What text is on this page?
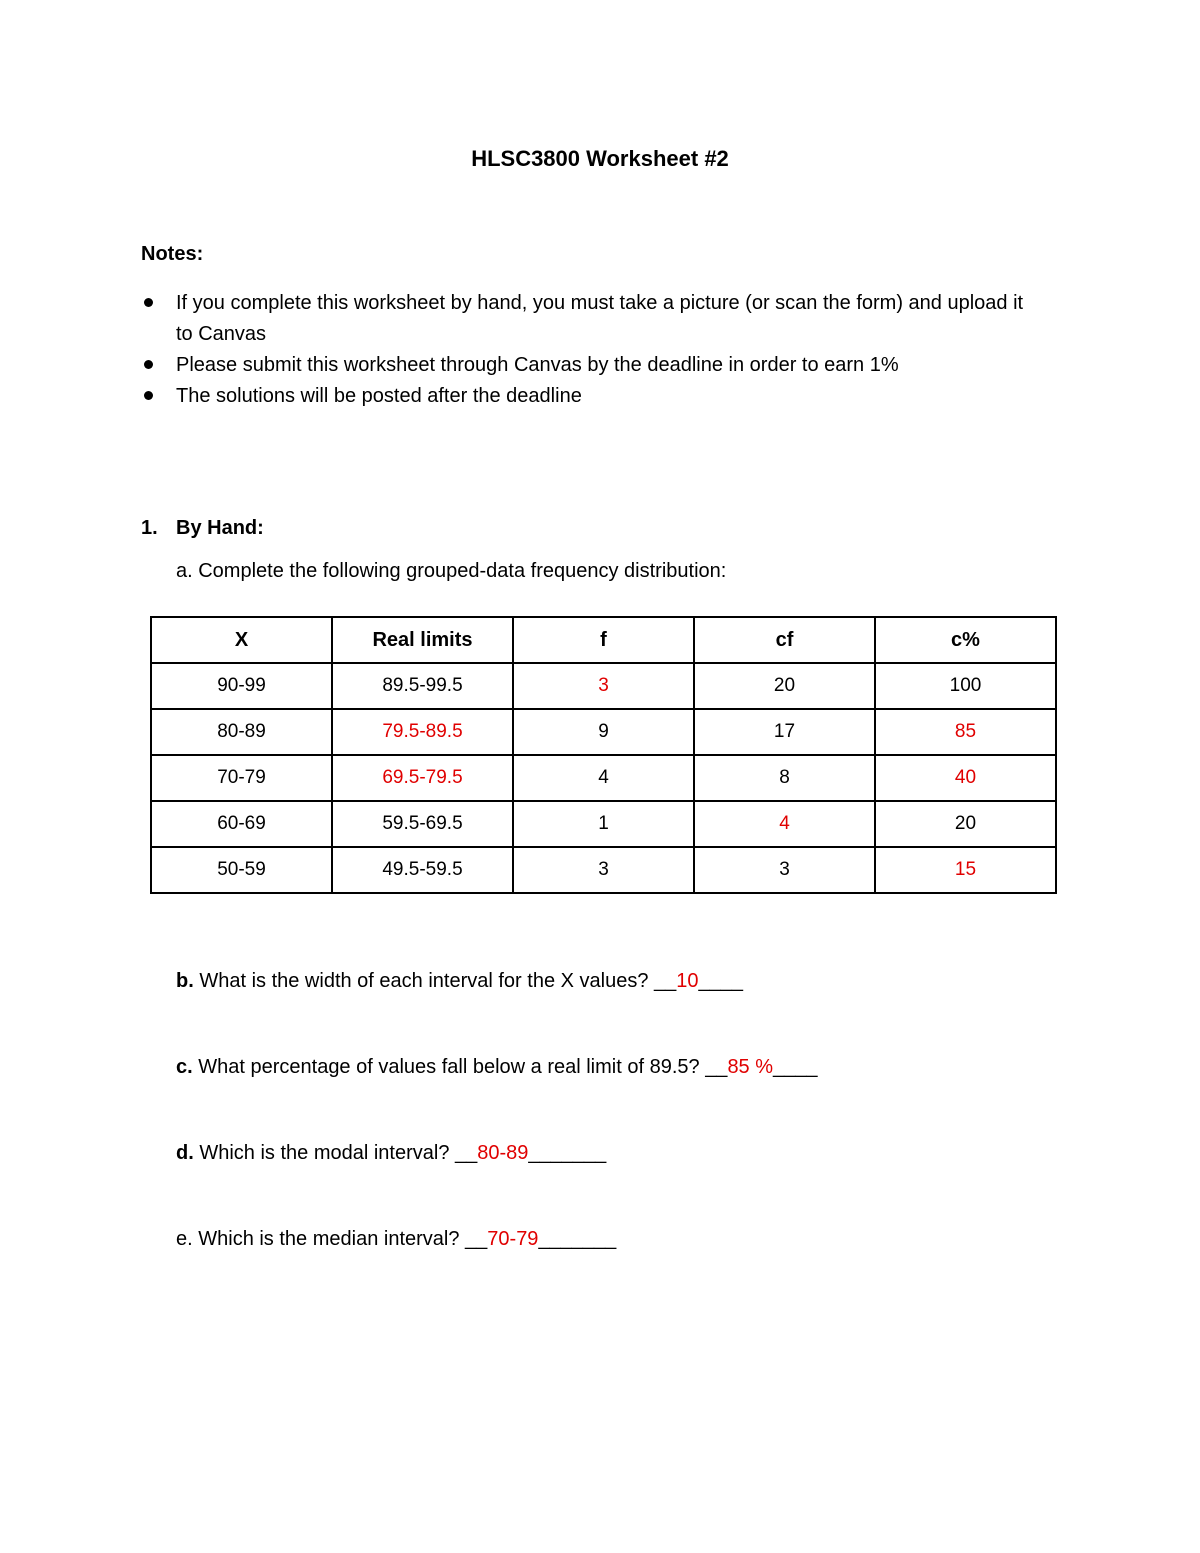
HLSC3800 Worksheet #2
Notes:
If you complete this worksheet by hand, you must take a picture (or scan the form) and upload it to Canvas
Please submit this worksheet through Canvas by the deadline in order to earn 1%
The solutions will be posted after the deadline
1. By Hand:
a. Complete the following grouped-data frequency distribution:
X	Real limits	f	cf	c%
90-99	89.5-99.5	3	20	100
80-89	79.5-89.5	9	17	85
70-79	69.5-79.5	4	8	40
60-69	59.5-69.5	1	4	20
50-59	49.5-59.5	3	3	15
b. What is the width of each interval for the X values? __10____
c. What percentage of values fall below a real limit of 89.5? __85 %____
d. Which is the modal interval? __80-89_______
e. Which is the median interval? __70-79_______
